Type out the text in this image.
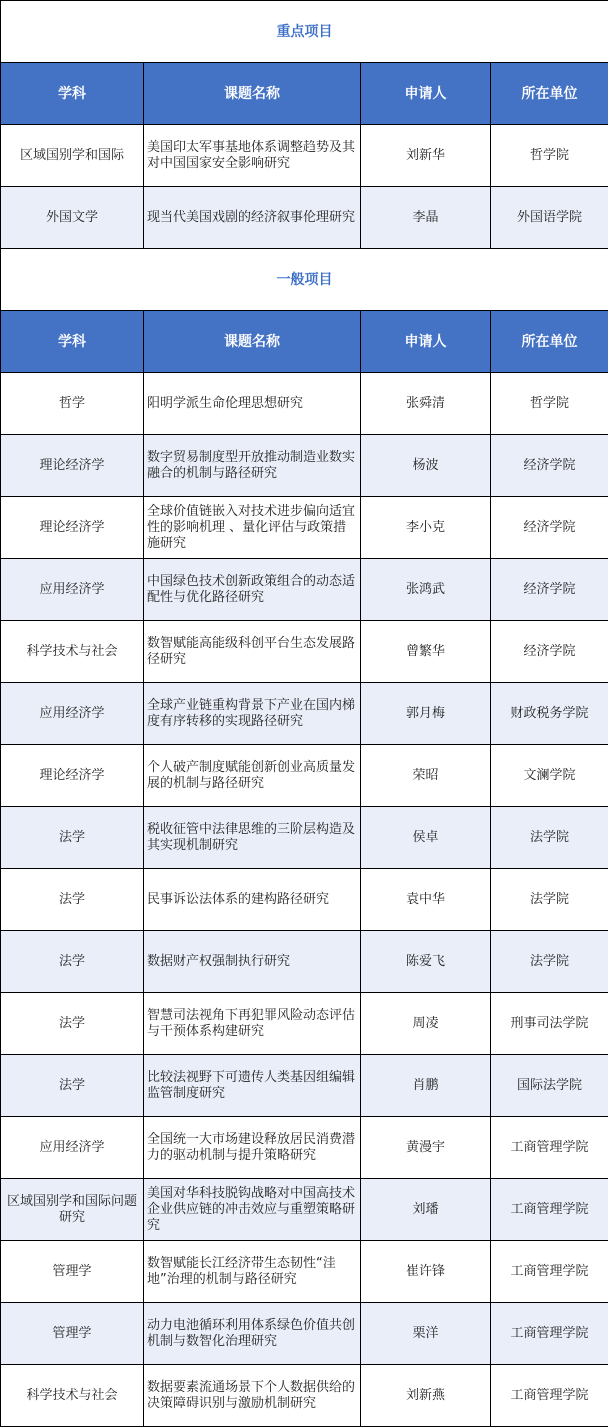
重点项目			
学科	课题名称	申请人	所在单位
区域国别学和国际	美国印太军事基地体系调整趋势及其对中国国家安全影响研究	刘新华	哲学院
外国文学	现当代美国戏剧的经济叙事伦理研究	李晶	外国语学院
一般项目			
学科	课题名称	申请人	所在单位
哲学	阳明学派生命伦理思想研究	张舜清	哲学院
理论经济学	数字贸易制度型开放推动制造业数实融合的机制与路径研究	杨波	经济学院
理论经济学	全球价值链嵌入对技术进步偏向适宜性的影响机理 、量化评估与政策措施研究	李小克	经济学院
应用经济学	中国绿色技术创新政策组合的动态适配性与优化路径研究	张鸿武	经济学院
科学技术与社会	数智赋能高能级科创平台生态发展路径研究	曾繁华	经济学院
应用经济学	全球产业链重构背景下产业在国内梯度有序转移的实现路径研究	郭月梅	财政税务学院
理论经济学	个人破产制度赋能创新创业高质量发展的机制与路径研究	荣昭	文澜学院
法学	税收征管中法律思维的三阶层构造及其实现机制研究	侯卓	法学院
法学	民事诉讼法体系的建构路径研究	袁中华	法学院
法学	数据财产权强制执行研究	陈爱飞	法学院
法学	智慧司法视角下再犯罪风险动态评估与干预体系构建研究	周凌	刑事司法学院
法学	比较法视野下可遗传人类基因组编辑监管制度研究	肖鹏	国际法学院
应用经济学	全国统一大市场建设释放居民消费潜力的驱动机制与提升策略研究	黄漫宇	工商管理学院
区域国别学和国际问题研究	美国对华科技脱钩战略对中国高技术企业供应链的冲击效应与重塑策略研究	刘璠	工商管理学院
管理学	数智赋能长江经济带生态韧性“洼地”治理的机制与路径研究	崔许锋	工商管理学院
管理学	动力电池循环利用体系绿色价值共创机制与数智化治理研究	栗洋	工商管理学院
科学技术与社会	数据要素流通场景下个人数据供给的决策障碍识别与激励机制研究	刘新燕	工商管理学院
